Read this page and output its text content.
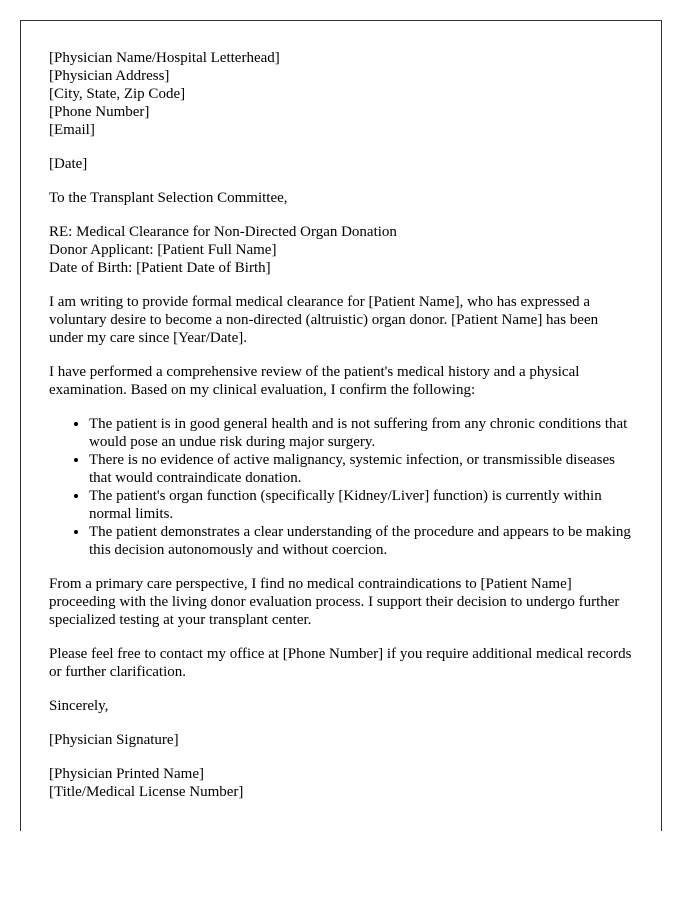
[Physician Name/Hospital Letterhead]
[Physician Address]
[City, State, Zip Code]
[Phone Number]
[Email]

[Date]

To the Transplant Selection Committee,

RE: Medical Clearance for Non-Directed Organ Donation
Donor Applicant: [Patient Full Name]
Date of Birth: [Patient Date of Birth]

I am writing to provide formal medical clearance for [Patient Name], who has expressed a voluntary desire to become a non-directed (altruistic) organ donor. [Patient Name] has been under my care since [Year/Date].

I have performed a comprehensive review of the patient's medical history and a physical examination. Based on my clinical evaluation, I confirm the following:

• The patient is in good general health and is not suffering from any chronic conditions that would pose an undue risk during major surgery.
• There is no evidence of active malignancy, systemic infection, or transmissible diseases that would contraindicate donation.
• The patient's organ function (specifically [Kidney/Liver] function) is currently within normal limits.
• The patient demonstrates a clear understanding of the procedure and appears to be making this decision autonomously and without coercion.

From a primary care perspective, I find no medical contraindications to [Patient Name] proceeding with the living donor evaluation process. I support their decision to undergo further specialized testing at your transplant center.

Please feel free to contact my office at [Phone Number] if you require additional medical records or further clarification.

Sincerely,

[Physician Signature]

[Physician Printed Name]
[Title/Medical License Number]
